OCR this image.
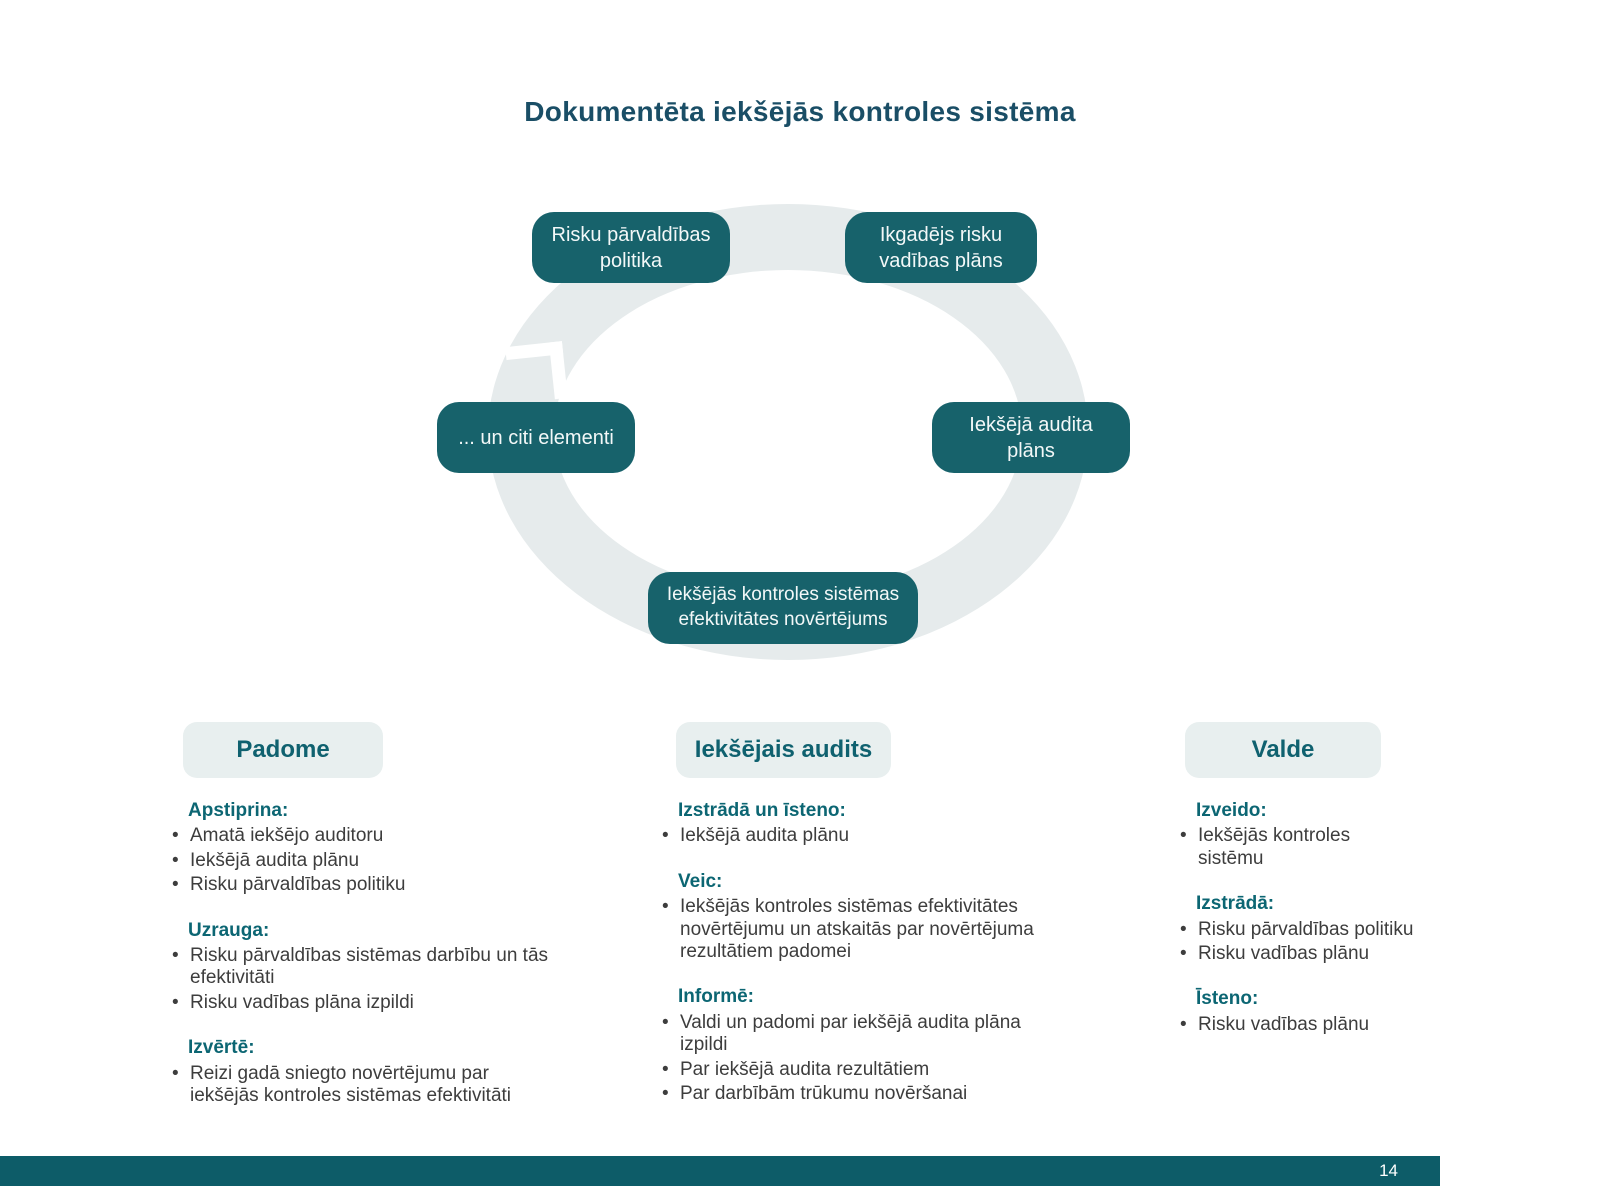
Dokumentēta iekšējās kontroles sistēma
Risku pārvaldības politika
Ikgadējs risku vadības plāns
... un citi elementi
Iekšējā audita plāns
Iekšējās kontroles sistēmas efektivitātes novērtējums
Padome	Iekšējais audits	Valde
Apstiprina:
• Amatā iekšējo auditoru
• Iekšējā audita plānu
• Risku pārvaldības politiku
Uzrauga:
• Risku pārvaldības sistēmas darbību un tās efektivitāti
• Risku vadības plāna izpildi
Izvērtē:
• Reizi gadā sniegto novērtējumu par iekšējās kontroles sistēmas efektivitāti
Izstrādā un īsteno:
• Iekšējā audita plānu
Veic:
• Iekšējās kontroles sistēmas efektivitātes novērtējumu un atskaitās par novērtējuma rezultātiem padomei
Informē:
• Valdi un padomi par iekšējā audita plāna izpildi
• Par iekšējā audita rezultātiem
• Par darbībām trūkumu novēršanai
Izveido:
• Iekšējās kontroles sistēmu
Izstrādā:
• Risku pārvaldības politiku
• Risku vadības plānu
Īsteno:
• Risku vadības plānu
14
